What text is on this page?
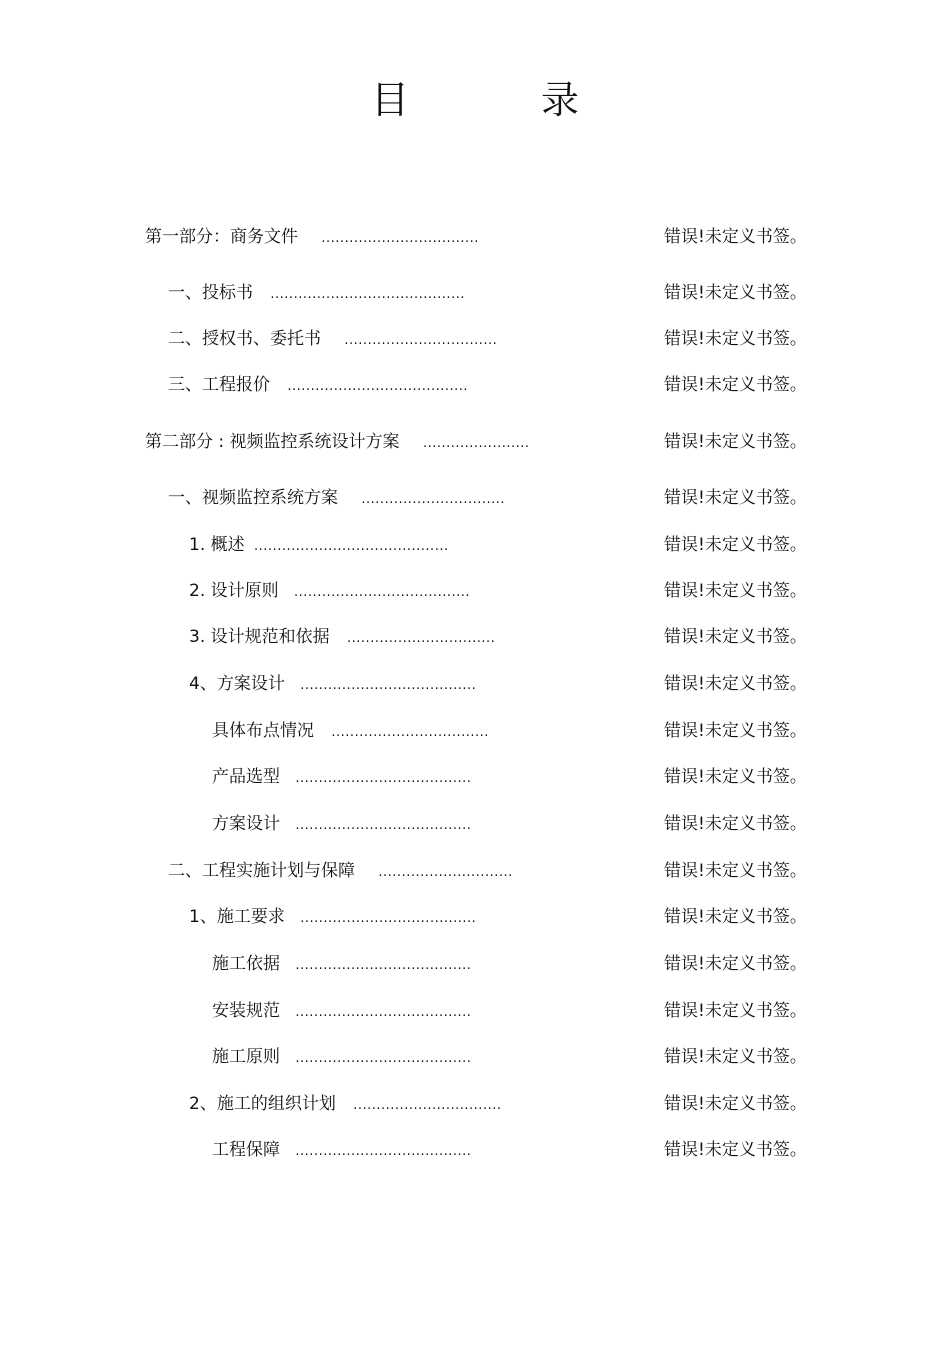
目 录
第一部分：商务文件 ..................................	错误!未定义书签。
一、投标书 ..........................................	错误!未定义书签。
二、授权书、委托书 .................................	错误!未定义书签。
三、工程报价 .......................................	错误!未定义书签。
第二部分 : 视频监控系统设计方案 .......................	错误!未定义书签。
一、视频监控系统方案 ...............................	错误!未定义书签。
1. 概述 ..........................................	错误!未定义书签。
2. 设计原则 ......................................	错误!未定义书签。
3. 设计规范和依据 ................................	错误!未定义书签。
4、方案设计 ......................................	错误!未定义书签。
具体布点情况 ..................................	错误!未定义书签。
产品选型 ......................................	错误!未定义书签。
方案设计 ......................................	错误!未定义书签。
二、工程实施计划与保障 .............................	错误!未定义书签。
1、施工要求 ......................................	错误!未定义书签。
施工依据 ......................................	错误!未定义书签。
安装规范 ......................................	错误!未定义书签。
施工原则 ......................................	错误!未定义书签。
2、施工的组织计划 ................................	错误!未定义书签。
工程保障 ......................................	错误!未定义书签。
